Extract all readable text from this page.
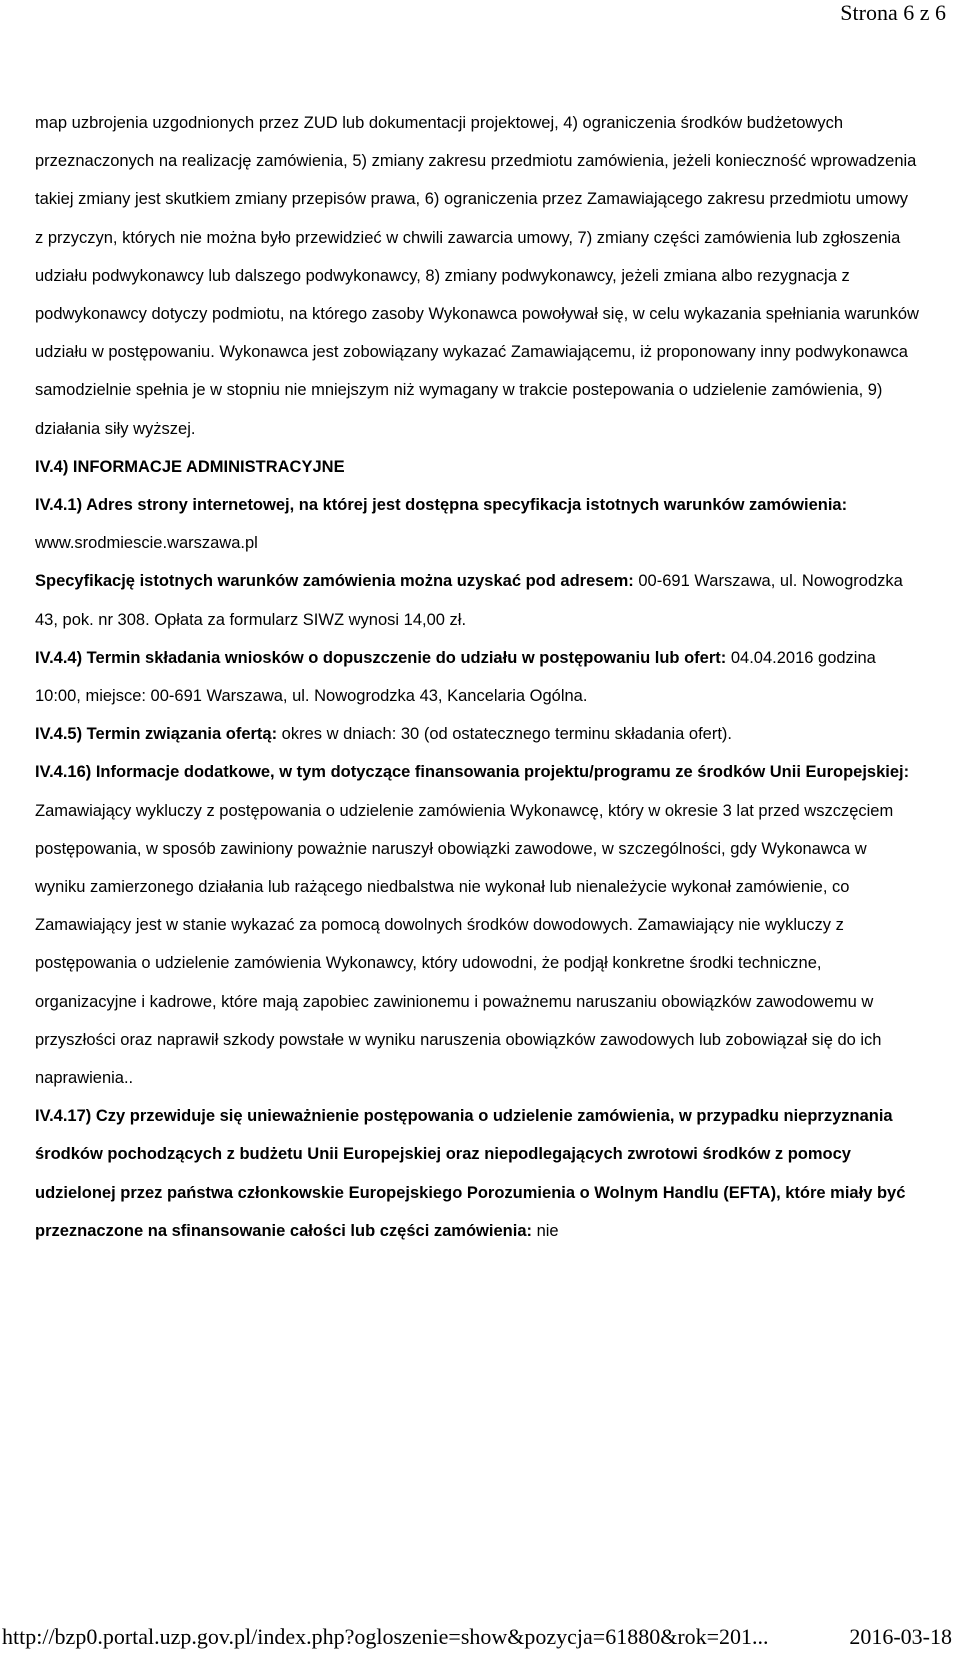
Strona 6 z 6

map uzbrojenia uzgodnionych przez ZUD lub dokumentacji projektowej, 4) ograniczenia środków budżetowych przeznaczonych na realizację zamówienia, 5) zmiany zakresu przedmiotu zamówienia, jeżeli konieczność wprowadzenia takiej zmiany jest skutkiem zmiany przepisów prawa, 6) ograniczenia przez Zamawiającego zakresu przedmiotu umowy z przyczyn, których nie można było przewidzieć w chwili zawarcia umowy, 7) zmiany części zamówienia lub zgłoszenia udziału podwykonawcy lub dalszego podwykonawcy, 8) zmiany podwykonawcy, jeżeli zmiana albo rezygnacja z podwykonawcy dotyczy podmiotu, na którego zasoby Wykonawca powoływał się, w celu wykazania spełniania warunków udziału w postępowaniu. Wykonawca jest zobowiązany wykazać Zamawiającemu, iż proponowany inny podwykonawca samodzielnie spełnia je w stopniu nie mniejszym niż wymagany w trakcie postepowania o udzielenie zamówienia, 9) działania siły wyższej.

IV.4) INFORMACJE ADMINISTRACYJNE

IV.4.1) Adres strony internetowej, na której jest dostępna specyfikacja istotnych warunków zamówienia: www.srodmiescie.warszawa.pl

Specyfikację istotnych warunków zamówienia można uzyskać pod adresem: 00-691 Warszawa, ul. Nowogrodzka 43, pok. nr 308. Opłata za formularz SIWZ wynosi 14,00 zł.

IV.4.4) Termin składania wniosków o dopuszczenie do udziału w postępowaniu lub ofert: 04.04.2016 godzina 10:00, miejsce: 00-691 Warszawa, ul. Nowogrodzka 43, Kancelaria Ogólna.

IV.4.5) Termin związania ofertą: okres w dniach: 30 (od ostatecznego terminu składania ofert).

IV.4.16) Informacje dodatkowe, w tym dotyczące finansowania projektu/programu ze środków Unii Europejskiej: Zamawiający wykluczy z postępowania o udzielenie zamówienia Wykonawcę, który w okresie 3 lat przed wszczęciem postępowania, w sposób zawiniony poważnie naruszył obowiązki zawodowe, w szczególności, gdy Wykonawca w wyniku zamierzonego działania lub rażącego niedbalstwa nie wykonał lub nienależycie wykonał zamówienie, co Zamawiający jest w stanie wykazać za pomocą dowolnych środków dowodowych. Zamawiający nie wykluczy z postępowania o udzielenie zamówienia Wykonawcy, który udowodni, że podjął konkretne środki techniczne, organizacyjne i kadrowe, które mają zapobiec zawinionemu i poważnemu naruszaniu obowiązków zawodowemu w przyszłości oraz naprawił szkody powstałe w wyniku naruszenia obowiązków zawodowych lub zobowiązał się do ich naprawienia..

IV.4.17) Czy przewiduje się unieważnienie postępowania o udzielenie zamówienia, w przypadku nieprzyznania środków pochodzących z budżetu Unii Europejskiej oraz niepodlegających zwrotowi środków z pomocy udzielonej przez państwa członkowskie Europejskiego Porozumienia o Wolnym Handlu (EFTA), które miały być przeznaczone na sfinansowanie całości lub części zamówienia: nie

http://bzp0.portal.uzp.gov.pl/index.php?ogloszenie=show&pozycja=61880&rok=201...	2016-03-18
